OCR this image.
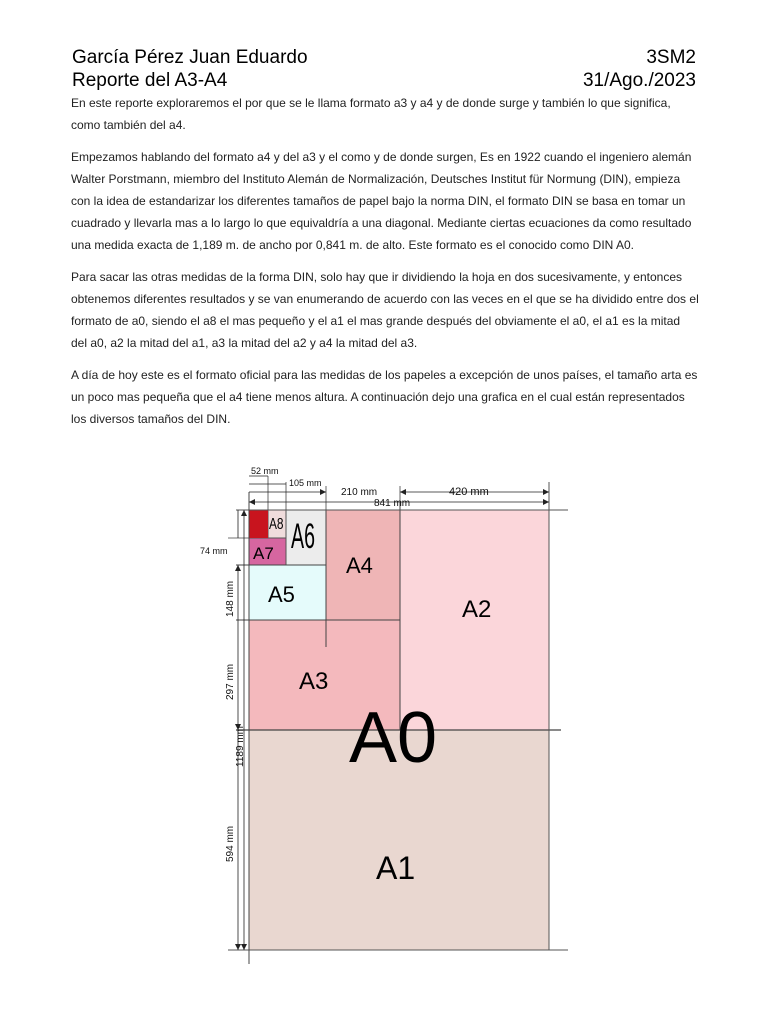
García Pérez Juan Eduardo	3SM2
Reporte del A3-A4	31/Ago./2023

En este reporte exploraremos el por que se le llama formato a3 y a4 y de donde surge y también lo que significa, como también del a4.

Empezamos hablando del formato a4 y del a3 y el como y de donde surgen, Es en 1922 cuando el ingeniero alemán Walter Porstmann, miembro del Instituto Alemán de Normalización, Deutsches Institut für Normung (DIN), empieza con la idea de estandarizar los diferentes tamaños de papel bajo la norma DIN, el formato DIN se basa en tomar un cuadrado y llevarla mas a lo largo lo que equivaldría a una diagonal. Mediante ciertas ecuaciones da como resultado una medida exacta de 1,189 m. de ancho por 0,841 m. de alto. Este formato es el conocido como DIN A0.

Para sacar las otras medidas de la forma DIN, solo hay que ir dividiendo la hoja en dos sucesivamente, y entonces obtenemos diferentes resultados y se van enumerando de acuerdo con las veces en el que se ha dividido entre dos el formato de a0, siendo el a8 el mas pequeño y el a1 el mas grande después del obviamente el a0, el a1 es la mitad del a0, a2 la mitad del a1, a3 la mitad del a2 y a4 la mitad del a3.

A día de hoy este es el formato oficial para las medidas de los papeles a excepción de unos países, el tamaño arta es un poco mas pequeña que el a4 tiene menos altura. A continuación dejo una grafica en el cual están representados los diversos tamaños del DIN.

52 mm
105 mm
210 mm	420 mm
841 mm
74 mm
148 mm
297 mm
1189 mm
594 mm
A0
A1
A2
A3
A4
A5
A6
A7
A8
